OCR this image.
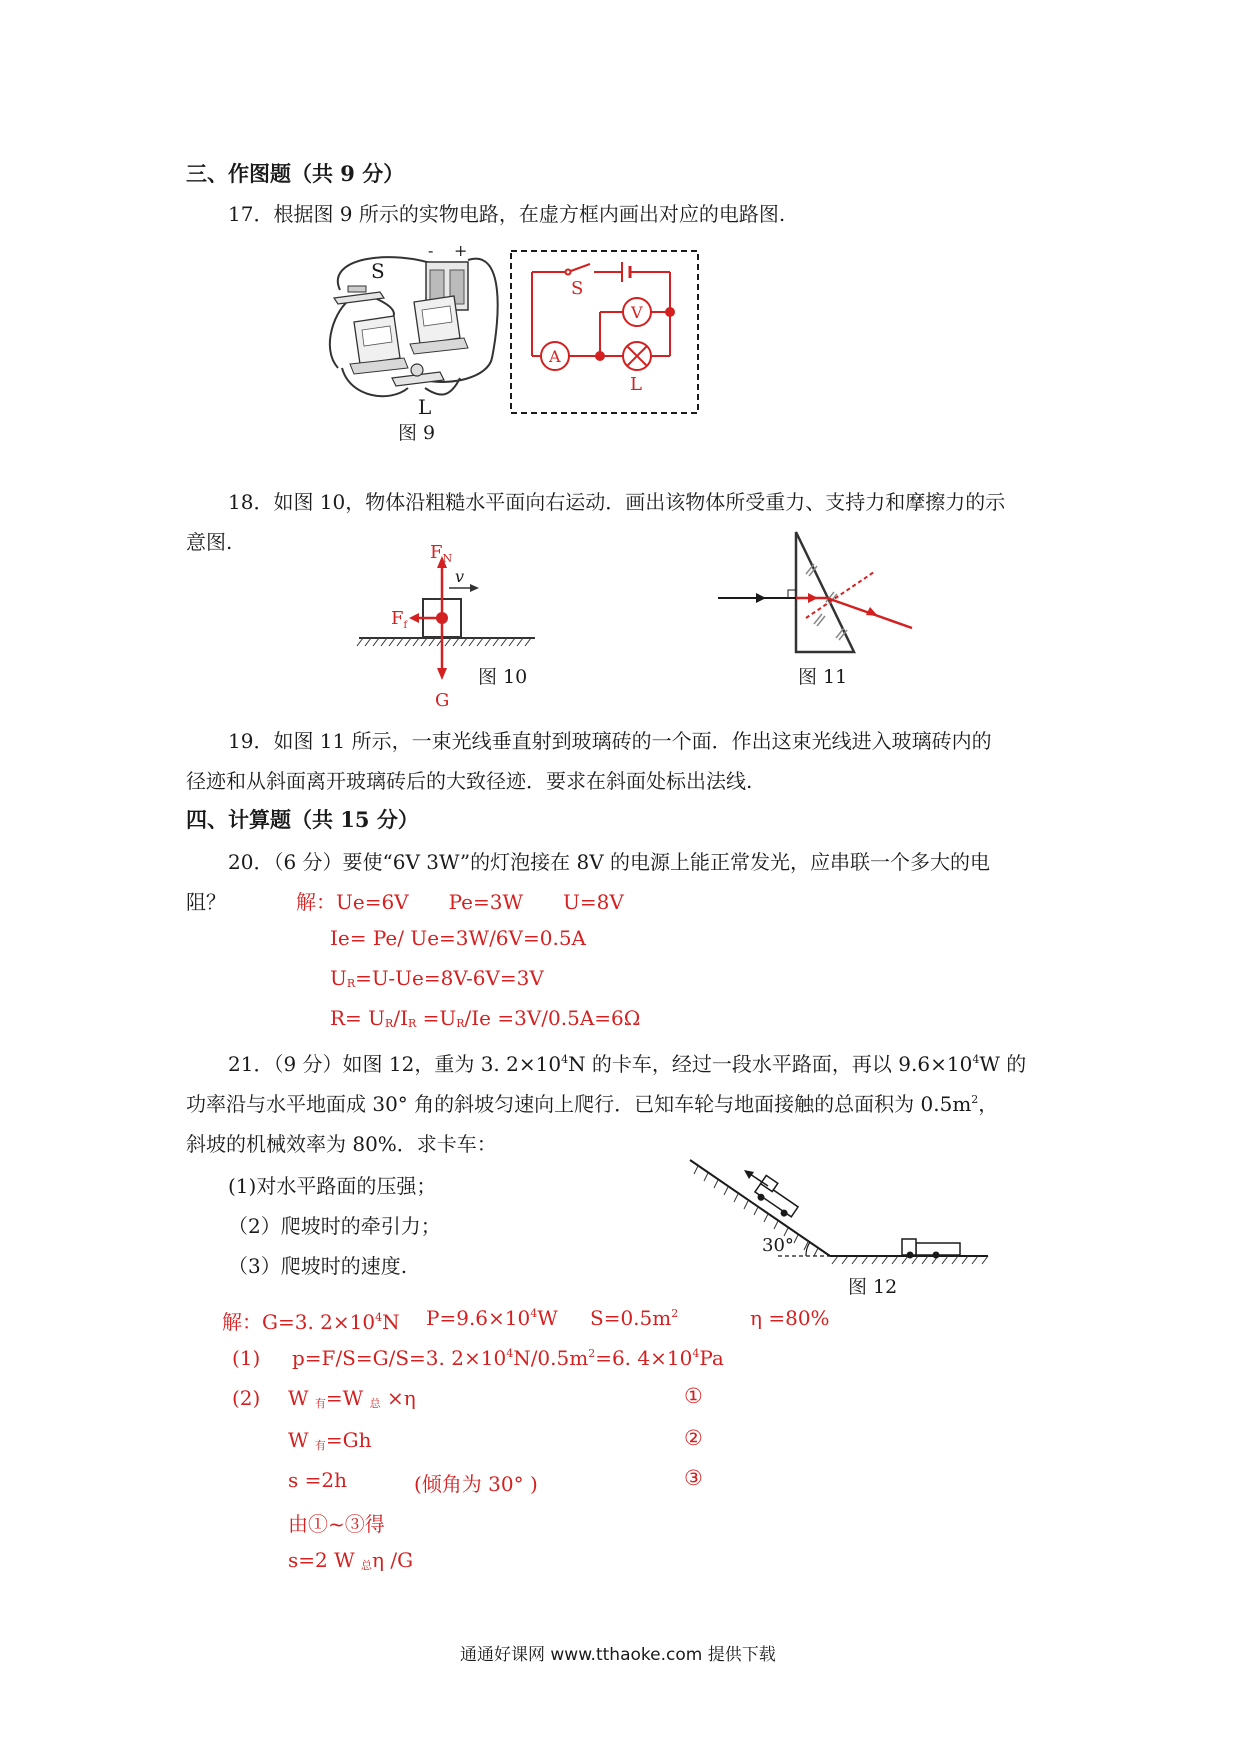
三、作图题（共 9 分）
17．根据图 9 所示的实物电路，在虚方框内画出对应的电路图.
S
L
- +
图 9
S
A
V
L
18．如图 10，物体沿粗糙水平面向右运动．画出该物体所受重力、支持力和摩擦力的示
意图.	$F_N$
v
$F_f$
G
图 10	图 11
19．如图 11 所示，一束光线垂直射到玻璃砖的一个面．作出这束光线进入玻璃砖内的
径迹和从斜面离开玻璃砖后的大致径迹．要求在斜面处标出法线.
四、计算题（共 15 分）
20．（6 分）要使“6V 3W”的灯泡接在 8V 的电源上能正常发光，应串联一个多大的电
阻？	解：Ue=6V　　Pe=3W　　U=8V
Ie= Pe/ Ue=3W/6V=0.5A
$U_R=U-Ue=8V-6V=3V$
$R= U_R/I_R =U_R/Ie =3V/0.5A=6\Omega$
21．（9 分）如图 12，重为 3. $2\times 10^4N$ 的卡车，经过一段水平路面，再以 $9.6\times 10^4W$ 的
功率沿与水平地面成 30° 角的斜坡匀速向上爬行．已知车轮与地面接触的总面积为 $0.5m^2$，
斜坡的机械效率为 80%．求卡车：
(1)对水平路面的压强；
（2）爬坡时的牵引力；
（3）爬坡时的速度.
30°
图 12
解：G=3. $2\times 10^4N$ $P=9.6\times 10^4W$ $S=0.5m^2$	η =80%
(1) p=F/S=G/S=3. $2\times 10^4N/0.5m^2=6$. $4\times 10^4Pa$
(2) W $_有$=W $_总$ ×η	①
W $_有$=Gh	②
s =2h	(倾角为 30° )	③
由①~③得
s=2 W $_总$η /G
通通好课网 www.tthaoke.com 提供下载
